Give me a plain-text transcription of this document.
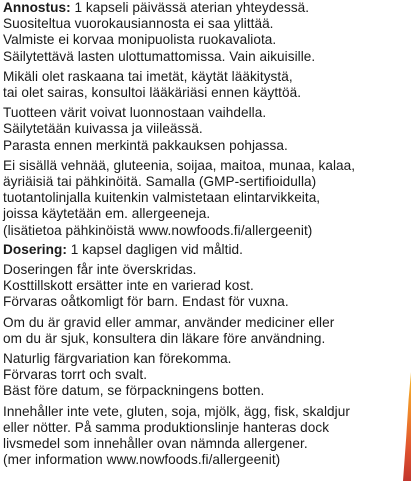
Annostus: 1 kapseli päivässä aterian yhteydessä.
Suositeltua vuorokausiannosta ei saa ylittää.
Valmiste ei korvaa monipuolista ruokavaliota.
Säilytettävä lasten ulottumattomissa. Vain aikuisille.
Mikäli olet raskaana tai imetät, käytät lääkitystä,
tai olet sairas, konsultoi lääkäriäsi ennen käyttöä.
Tuotteen värit voivat luonnostaan vaihdella.
Säilytetään kuivassa ja viileässä.
Parasta ennen merkintä pakkauksen pohjassa.
Ei sisällä vehnää, gluteenia, soijaa, maitoa, munaa, kalaa,
äyriäisiä tai pähkinöitä. Samalla (GMP-sertifioidulla)
tuotantolinjalla kuitenkin valmistetaan elintarvikkeita,
joissa käytetään em. allergeeneja.
(lisätietoa pähkinöistä www.nowfoods.fi/allergeenit)
Dosering: 1 kapsel dagligen vid måltid.
Doseringen får inte överskridas.
Kosttillskott ersätter inte en varierad kost.
Förvaras oåtkomligt för barn. Endast för vuxna.
Om du är gravid eller ammar, använder mediciner eller
om du är sjuk, konsultera din läkare före användning.
Naturlig färgvariation kan förekomma.
Förvaras torrt och svalt.
Bäst före datum, se förpackningens botten.
Innehåller inte vete, gluten, soja, mjölk, ägg, fisk, skaldjur
eller nötter. På samma produktionslinje hanteras dock
livsmedel som innehåller ovan nämnda allergener.
(mer information www.nowfoods.fi/allergeenit)
